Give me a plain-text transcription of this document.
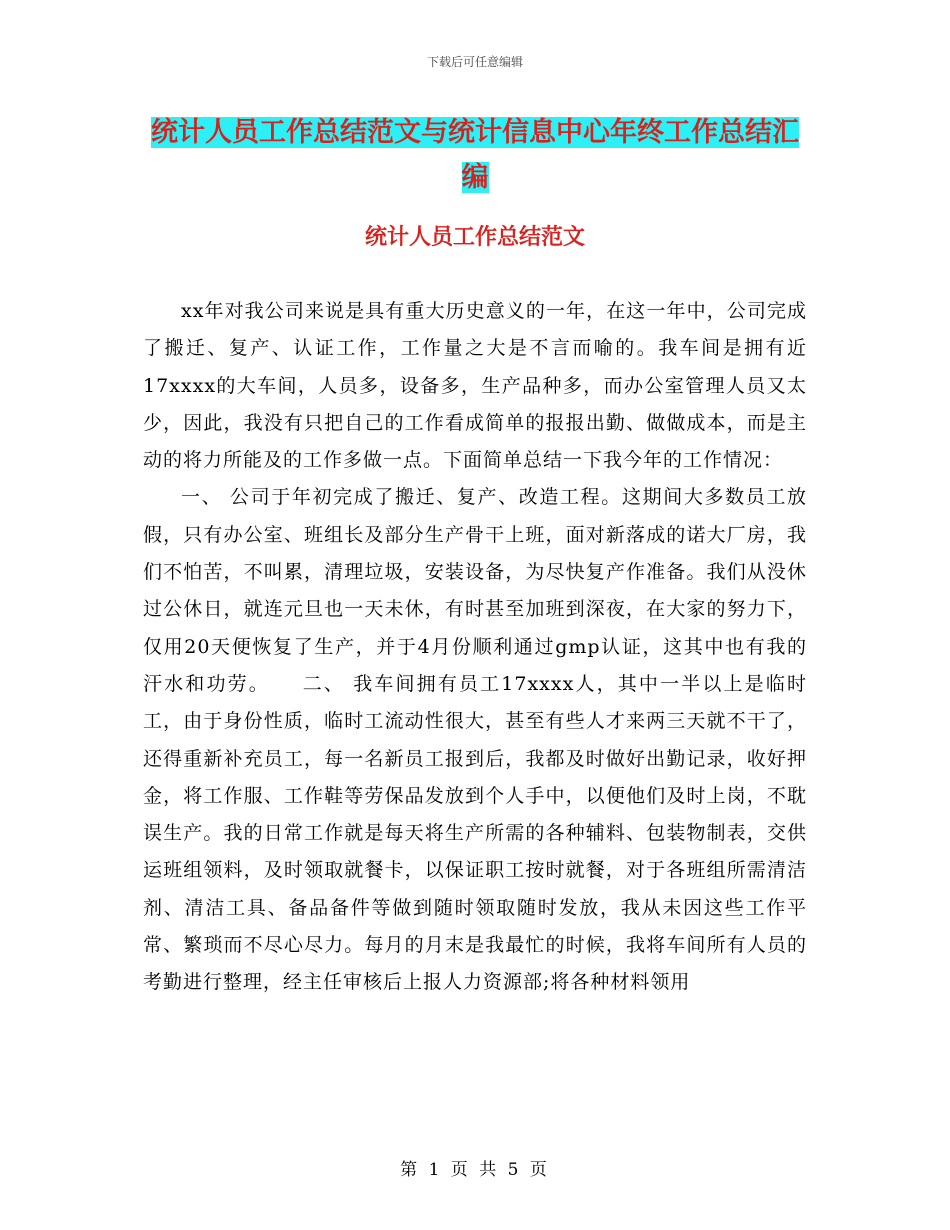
下载后可任意编辑
统计人员工作总结范文与统计信息中心年终工作总结汇编
统计人员工作总结范文

xx年对我公司来说是具有重大历史意义的一年，在这一年中，公司完成了搬迁、复产、认证工作，工作量之大是不言而喻的。我车间是拥有近17xxxx的大车间，人员多，设备多，生产品种多，而办公室管理人员又太少，因此，我没有只把自己的工作看成简单的报报出勤、做做成本，而是主动的将力所能及的工作多做一点。下面简单总结一下我今年的工作情况：

一、 公司于年初完成了搬迁、复产、改造工程。这期间大多数员工放假，只有办公室、班组长及部分生产骨干上班，面对新落成的诺大厂房，我们不怕苦，不叫累，清理垃圾，安装设备，为尽快复产作准备。我们从没休过公休日，就连元旦也一天未休，有时甚至加班到深夜，在大家的努力下，仅用20天便恢复了生产，并于4月份顺利通过gmp认证，这其中也有我的汗水和功劳。　　二、 我车间拥有员工17xxxx人，其中一半以上是临时工，由于身份性质，临时工流动性很大，甚至有些人才来两三天就不干了，还得重新补充员工，每一名新员工报到后，我都及时做好出勤记录，收好押金，将工作服、工作鞋等劳保品发放到个人手中，以便他们及时上岗，不耽误生产。我的日常工作就是每天将生产所需的各种辅料、包装物制表，交供运班组领料，及时领取就餐卡，以保证职工按时就餐，对于各班组所需清洁剂、清洁工具、备品备件等做到随时领取随时发放，我从未因这些工作平常、繁琐而不尽心尽力。每月的月末是我最忙的时候，我将车间所有人员的考勤进行整理，经主任审核后上报人力资源部;将各种材料领用

第 1 页 共 5 页
